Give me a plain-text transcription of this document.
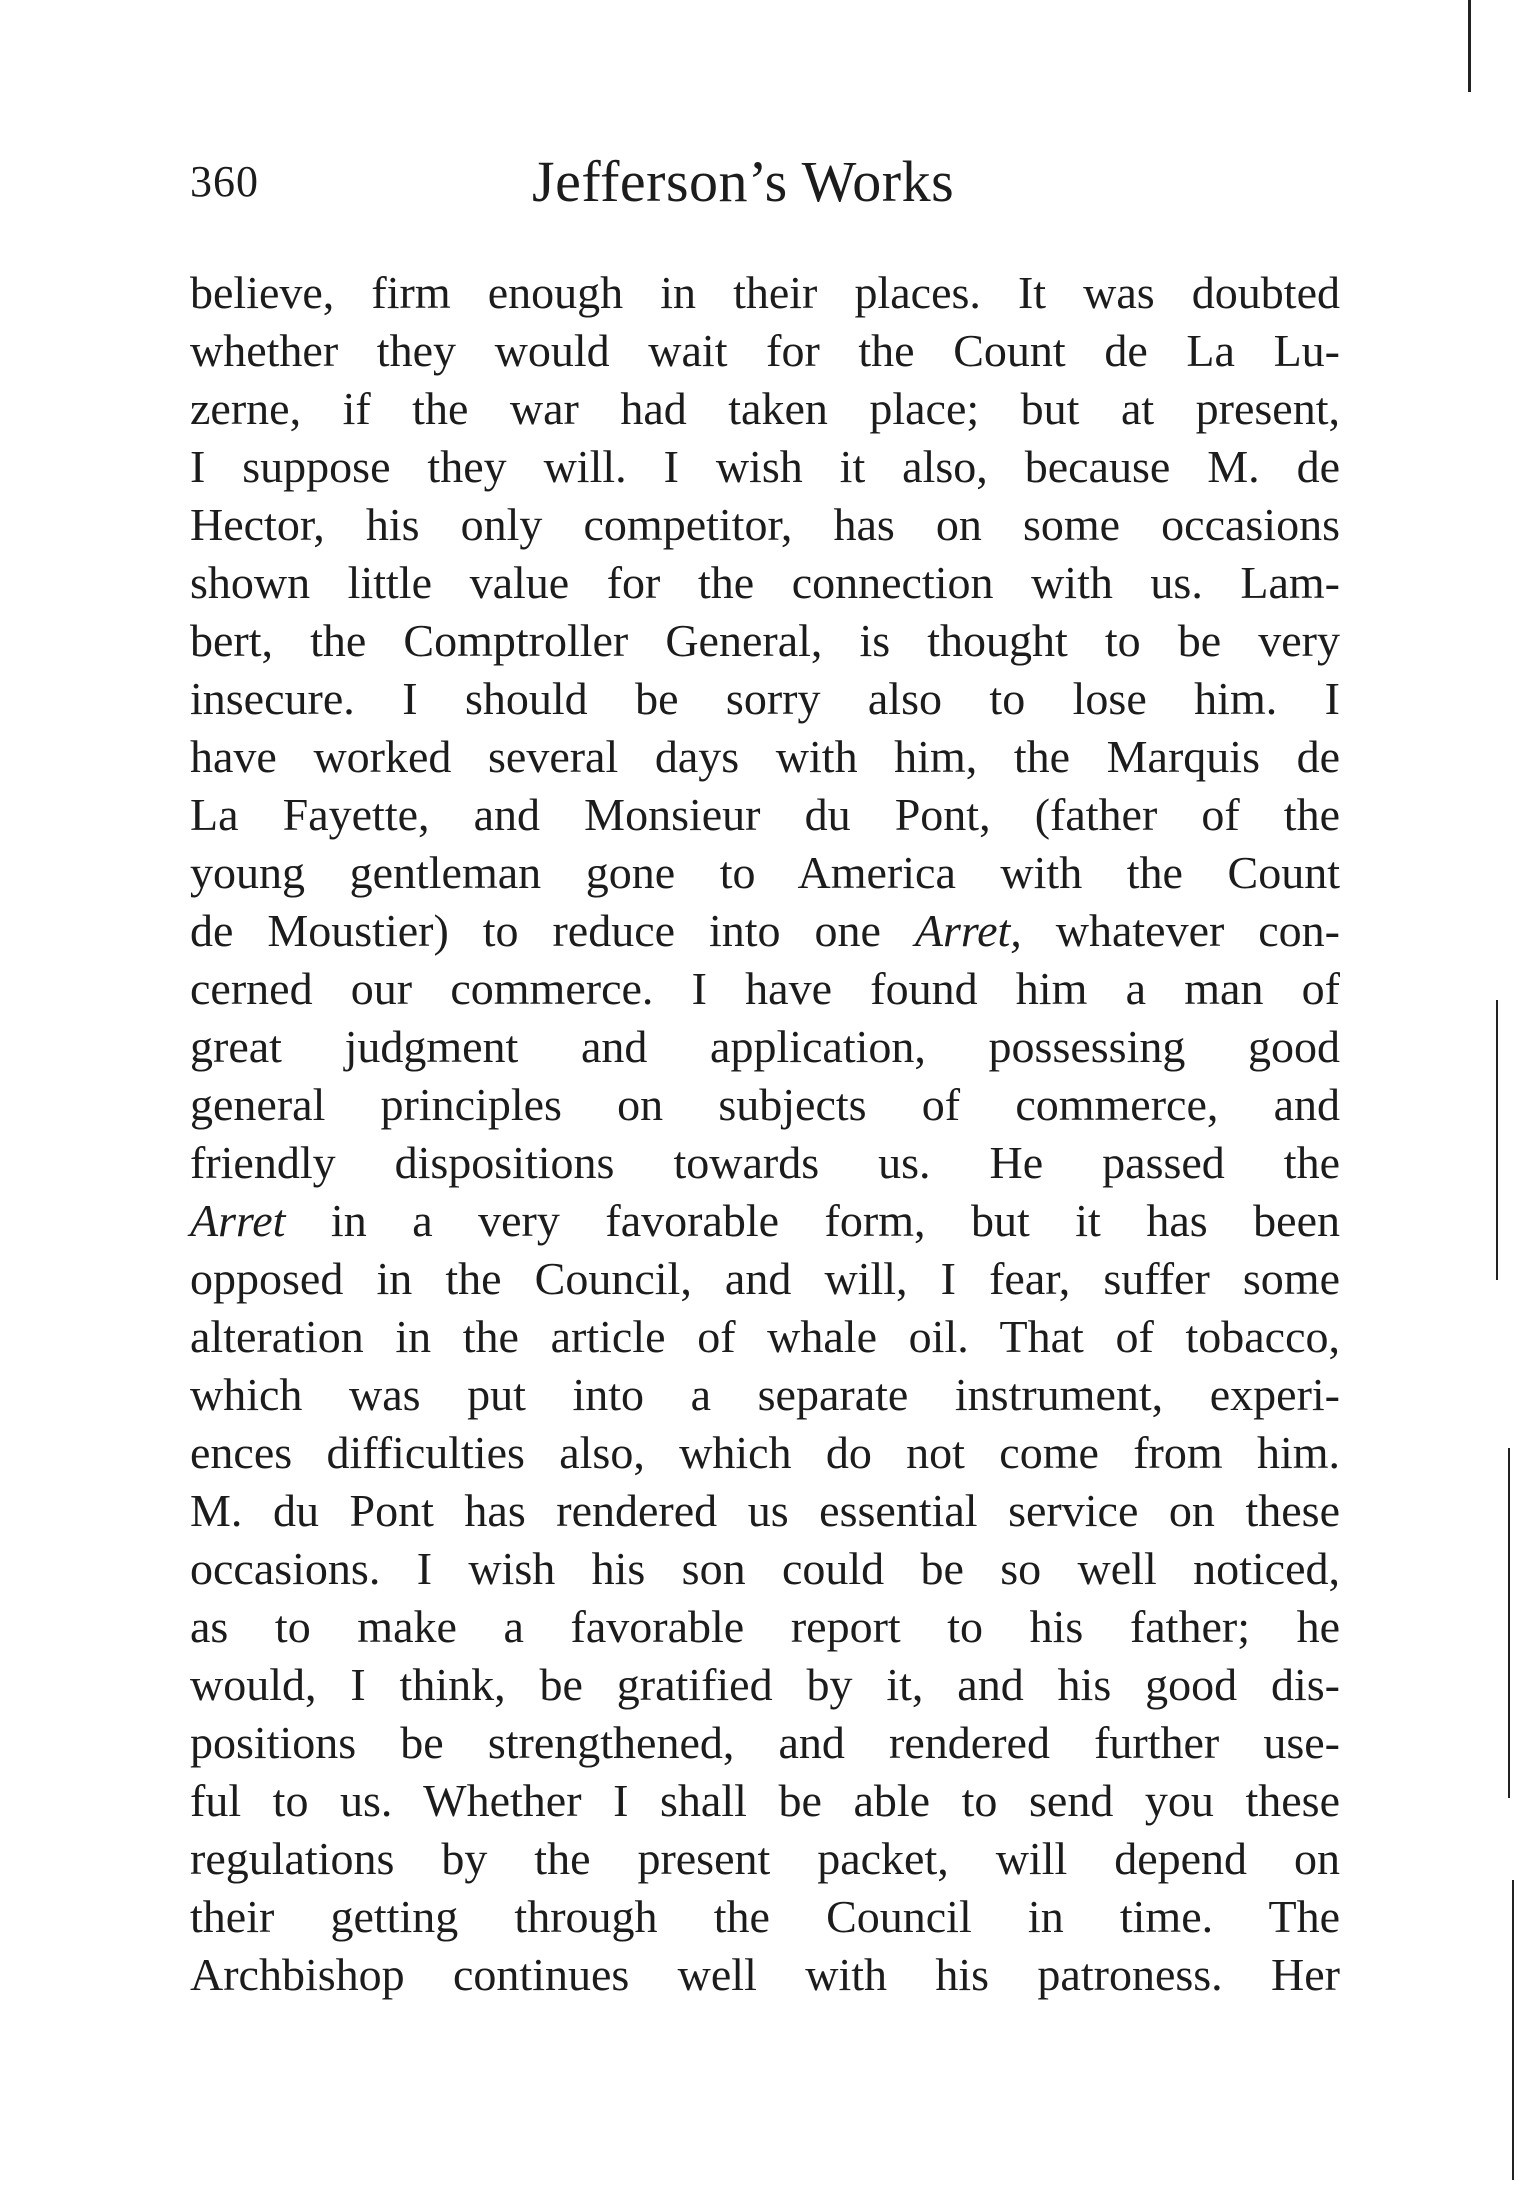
360	Jefferson’s Works
believe, firm enough in their places. It was doubted
whether they would wait for the Count de La Lu-
zerne, if the war had taken place; but at present,
I suppose they will. I wish it also, because M. de
Hector, his only competitor, has on some occasions
shown little value for the connection with us. Lam-
bert, the Comptroller General, is thought to be very
insecure. I should be sorry also to lose him. I
have worked several days with him, the Marquis de
La Fayette, and Monsieur du Pont, (father of the
young gentleman gone to America with the Count
de Moustier) to reduce into one Arret, whatever con-
cerned our commerce. I have found him a man of
great judgment and application, possessing good
general principles on subjects of commerce, and
friendly dispositions towards us. He passed the
Arret in a very favorable form, but it has been
opposed in the Council, and will, I fear, suffer some
alteration in the article of whale oil. That of tobacco,
which was put into a separate instrument, experi-
ences difficulties also, which do not come from him.
M. du Pont has rendered us essential service on these
occasions. I wish his son could be so well noticed,
as to make a favorable report to his father; he
would, I think, be gratified by it, and his good dis-
positions be strengthened, and rendered further use-
ful to us. Whether I shall be able to send you these
regulations by the present packet, will depend on
their getting through the Council in time. The
Archbishop continues well with his patroness. Her
